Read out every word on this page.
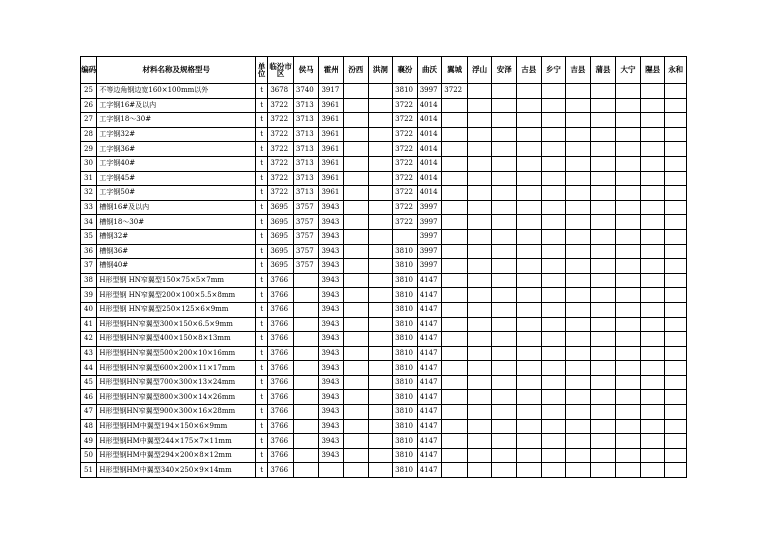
编码	材料名称及规格型号	单位	临汾市区	侯马	霍州	汾西	洪洞	襄汾	曲沃	翼城	浮山	安泽	古县	乡宁	吉县	蒲县	大宁	隰县	永和
25	不等边角钢边宽160×100mm以外	t	3678	3740	3917			3810	3997	3722									
26	工字钢16#及以内	t	3722	3713	3961			3722	4014										
27	工字钢18～30#	t	3722	3713	3961			3722	4014										
28	工字钢32#	t	3722	3713	3961			3722	4014										
29	工字钢36#	t	3722	3713	3961			3722	4014										
30	工字钢40#	t	3722	3713	3961			3722	4014										
31	工字钢45#	t	3722	3713	3961			3722	4014										
32	工字钢50#	t	3722	3713	3961			3722	4014										
33	槽钢16#及以内	t	3695	3757	3943			3722	3997										
34	槽钢18～30#	t	3695	3757	3943			3722	3997										
35	槽钢32#	t	3695	3757	3943				3997										
36	槽钢36#	t	3695	3757	3943			3810	3997										
37	槽钢40#	t	3695	3757	3943			3810	3997										
38	H形型钢 HN窄翼型150×75×5×7mm	t	3766		3943			3810	4147										
39	H形型钢 HN窄翼型200×100×5.5×8mm	t	3766		3943			3810	4147										
40	H形型钢 HN窄翼型250×125×6×9mm	t	3766		3943			3810	4147										
41	H形型钢HN窄翼型300×150×6.5×9mm	t	3766		3943			3810	4147										
42	H形型钢HN窄翼型400×150×8×13mm	t	3766		3943			3810	4147										
43	H形型钢HN窄翼型500×200×10×16mm	t	3766		3943			3810	4147										
44	H形型钢HN窄翼型600×200×11×17mm	t	3766		3943			3810	4147										
45	H形型钢HN窄翼型700×300×13×24mm	t	3766		3943			3810	4147										
46	H形型钢HN窄翼型800×300×14×26mm	t	3766		3943			3810	4147										
47	H形型钢HN窄翼型900×300×16×28mm	t	3766		3943			3810	4147										
48	H形型钢HM中翼型194×150×6×9mm	t	3766		3943			3810	4147										
49	H形型钢HM中翼型244×175×7×11mm	t	3766		3943			3810	4147										
50	H形型钢HM中翼型294×200×8×12mm	t	3766		3943			3810	4147										
51	H形型钢HM中翼型340×250×9×14mm	t	3766					3810	4147										
